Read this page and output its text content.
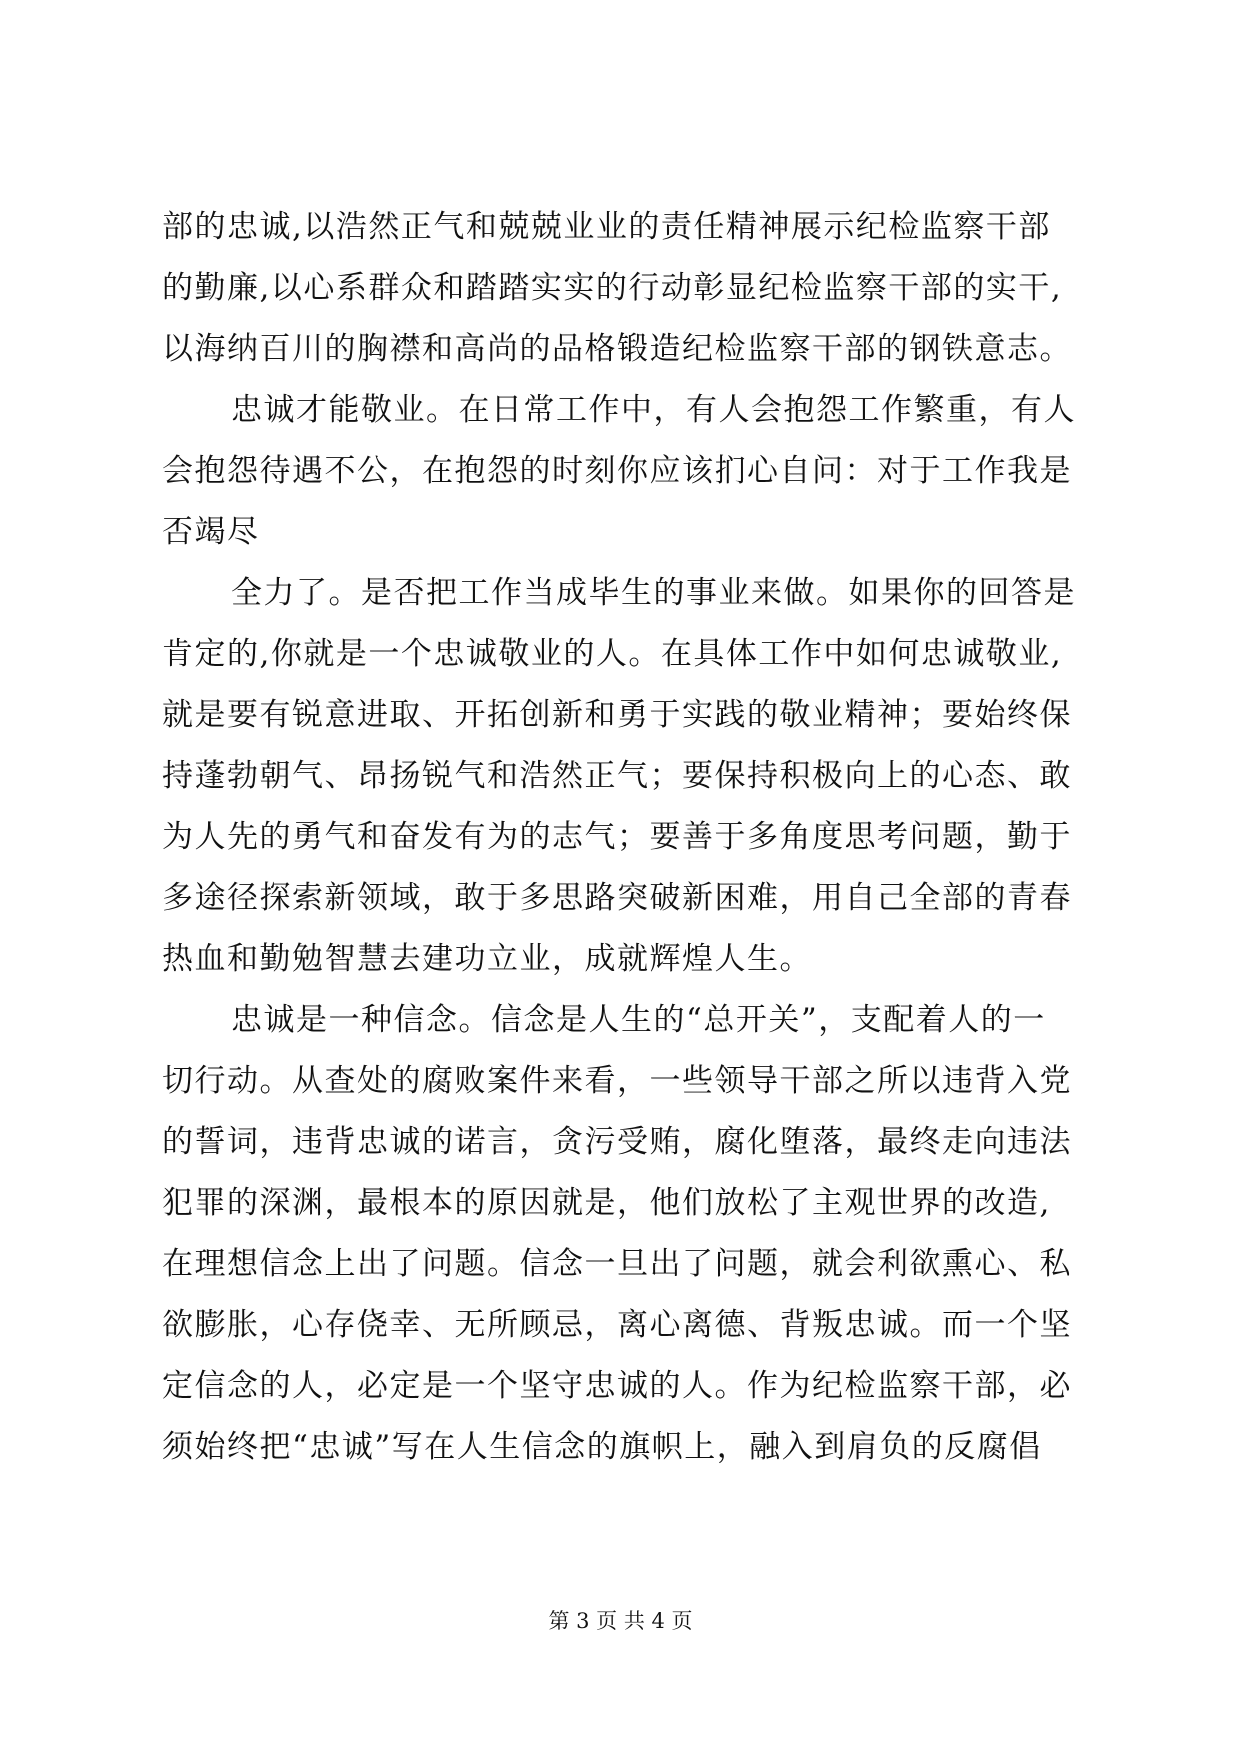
部的忠诚,以浩然正气和兢兢业业的责任精神展示纪检监察干部
的勤廉,以心系群众和踏踏实实的行动彰显纪检监察干部的实干,
以海纳百川的胸襟和高尚的品格锻造纪检监察干部的钢铁意志。
忠诚才能敬业。在日常工作中，有人会抱怨工作繁重，有人
会抱怨待遇不公，在抱怨的时刻你应该扪心自问：对于工作我是
否竭尽
全力了。是否把工作当成毕生的事业来做。如果你的回答是
肯定的,你就是一个忠诚敬业的人。在具体工作中如何忠诚敬业,
就是要有锐意进取、开拓创新和勇于实践的敬业精神；要始终保
持蓬勃朝气、昂扬锐气和浩然正气；要保持积极向上的心态、敢
为人先的勇气和奋发有为的志气；要善于多角度思考问题，勤于
多途径探索新领域，敢于多思路突破新困难，用自己全部的青春
热血和勤勉智慧去建功立业，成就辉煌人生。
忠诚是一种信念。信念是人生的“总开关”，支配着人的一
切行动。从查处的腐败案件来看，一些领导干部之所以违背入党
的誓词，违背忠诚的诺言，贪污受贿，腐化堕落，最终走向违法
犯罪的深渊，最根本的原因就是，他们放松了主观世界的改造,
在理想信念上出了问题。信念一旦出了问题，就会利欲熏心、私
欲膨胀，心存侥幸、无所顾忌，离心离德、背叛忠诚。而一个坚
定信念的人，必定是一个坚守忠诚的人。作为纪检监察干部，必
须始终把“忠诚”写在人生信念的旗帜上，融入到肩负的反腐倡
第 3 页 共 4 页
